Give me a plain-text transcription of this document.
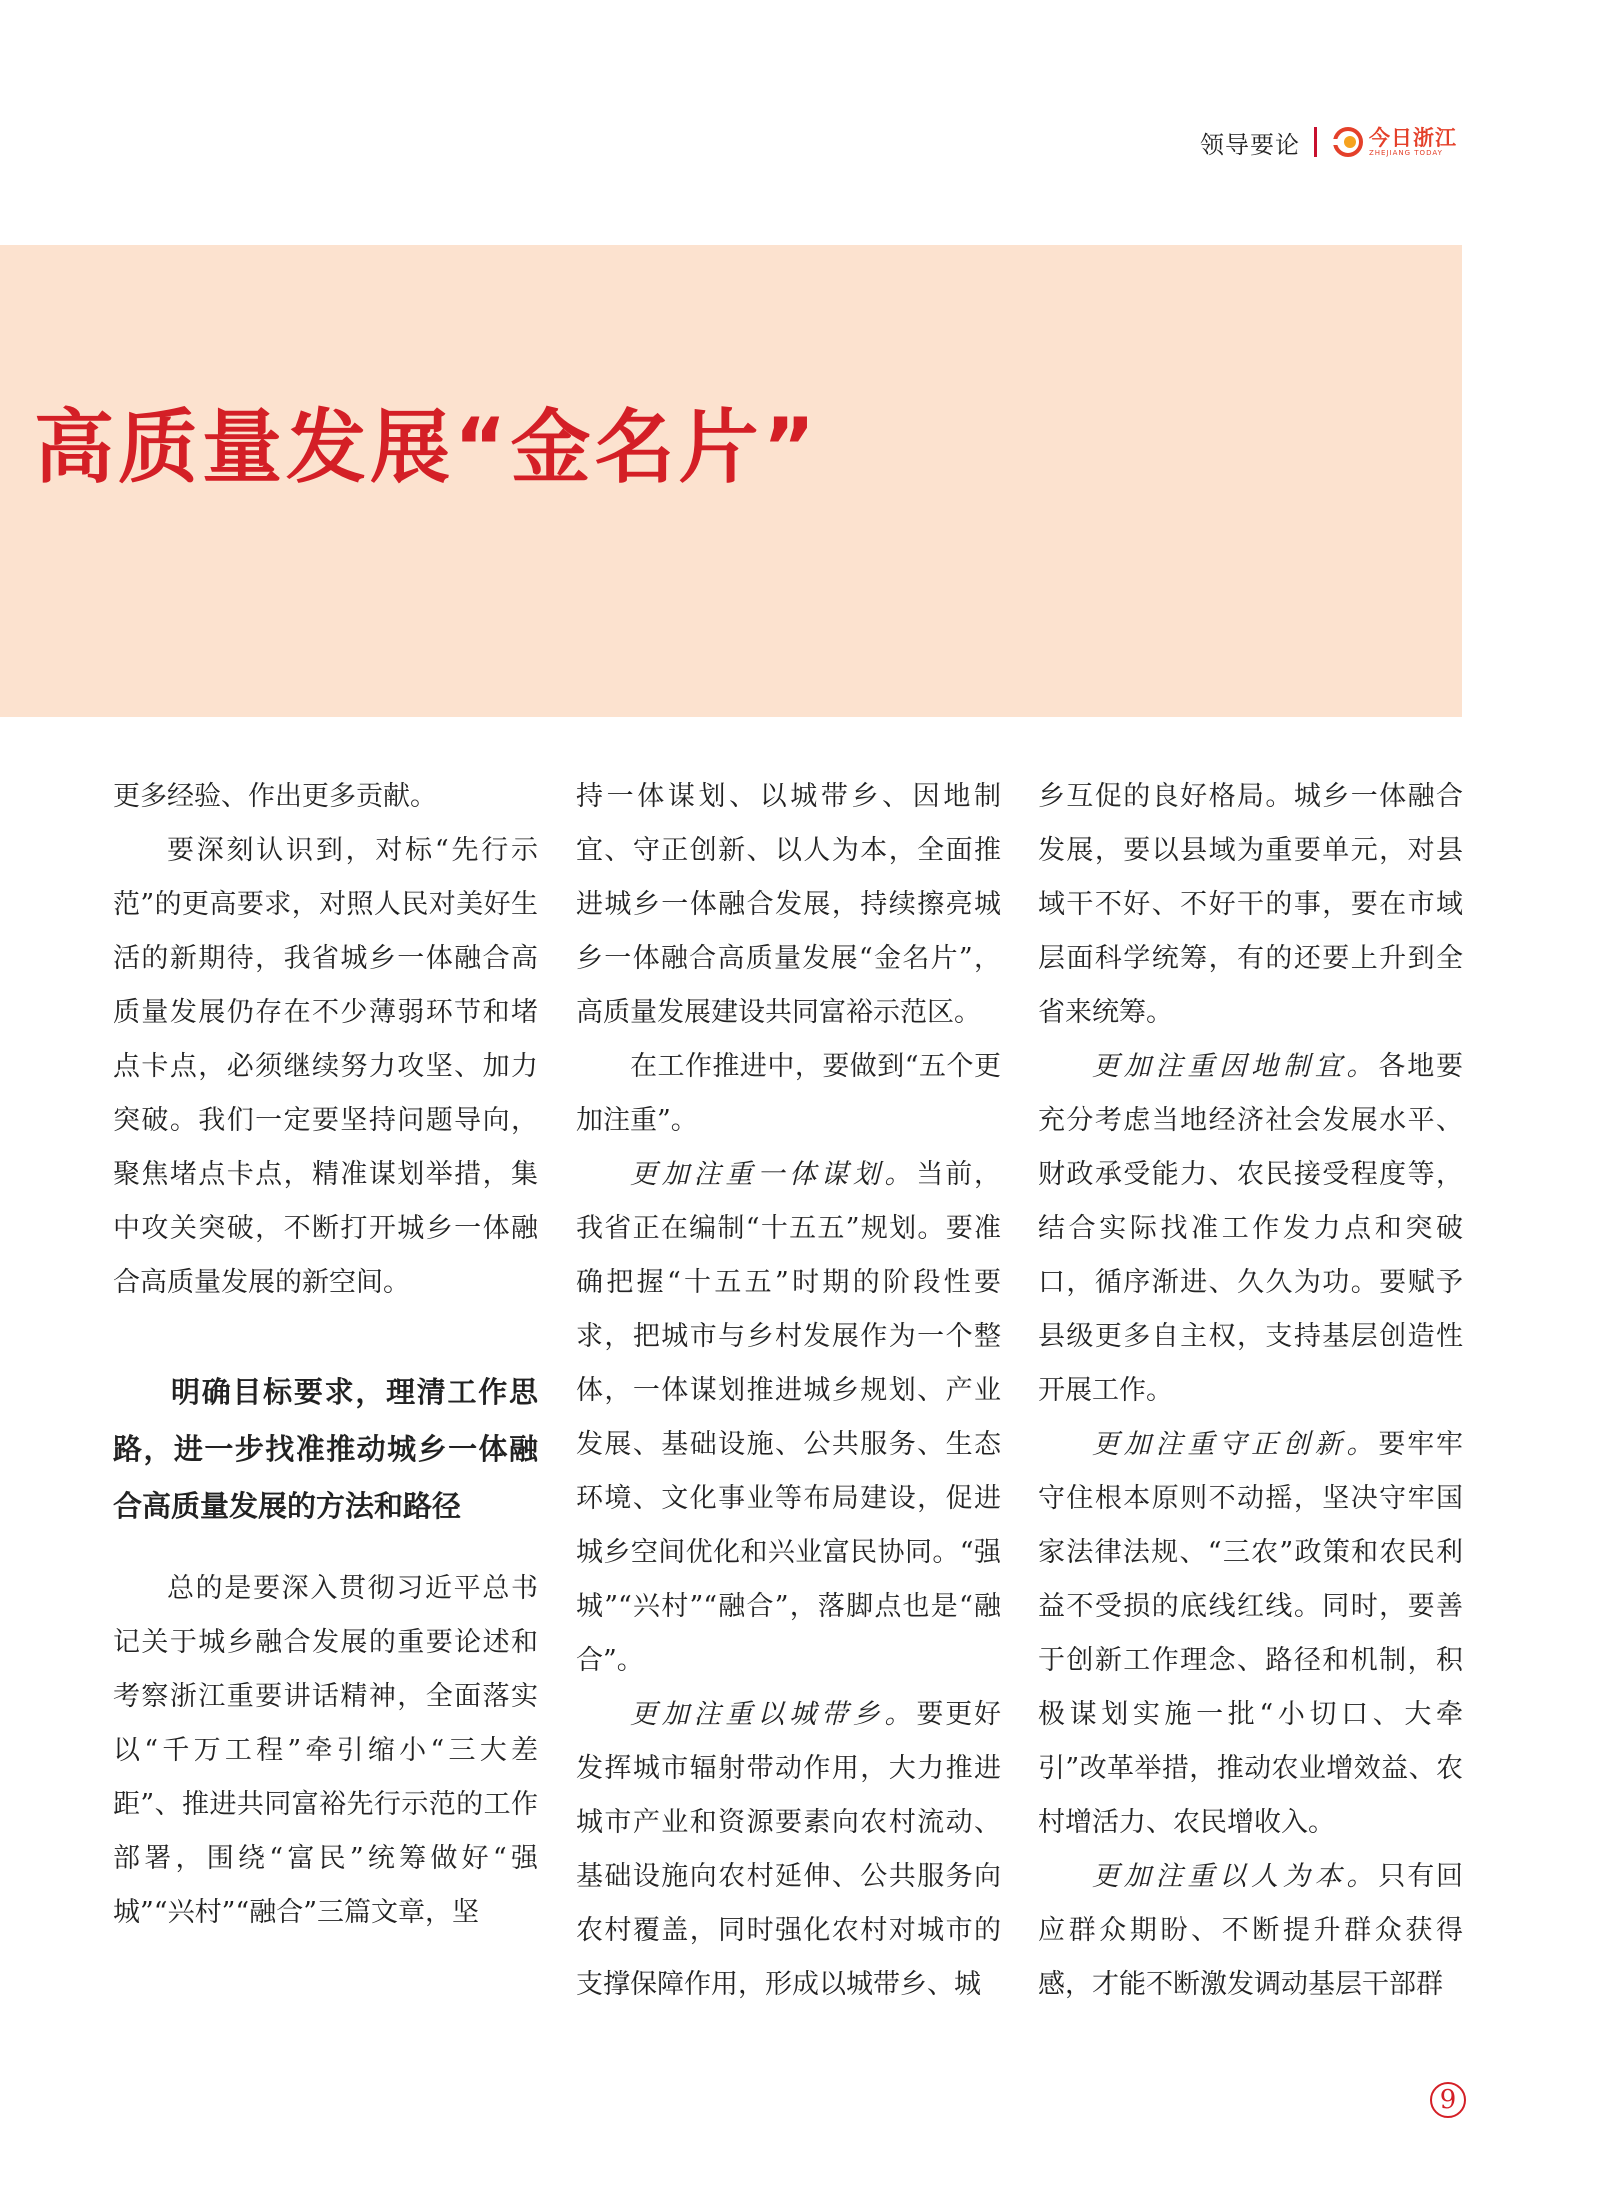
领导要论	今日浙江
ZHEJIANG TODAY
高质量发展“金名片”

更多经验、作出更多贡献。

要深刻认识到，对标“先行示范”的更高要求，对照人民对美好生活的新期待，我省城乡一体融合高质量发展仍存在不少薄弱环节和堵点卡点，必须继续努力攻坚、加力突破。我们一定要坚持问题导向，聚焦堵点卡点，精准谋划举措，集中攻关突破，不断打开城乡一体融合高质量发展的新空间。

明确目标要求，理清工作思路，进一步找准推动城乡一体融合高质量发展的方法和路径

总的是要深入贯彻习近平总书记关于城乡融合发展的重要论述和考察浙江重要讲话精神，全面落实以“千万工程”牵引缩小“三大差距”、推进共同富裕先行示范的工作部署，围绕“富民”统筹做好“强城”“兴村”“融合”三篇文章，坚

持一体谋划、以城带乡、因地制宜、守正创新、以人为本，全面推进城乡一体融合发展，持续擦亮城乡一体融合高质量发展“金名片”，高质量发展建设共同富裕示范区。

在工作推进中，要做到“五个更加注重”。

更加注重一体谋划。当前，我省正在编制“十五五”规划。要准确把握“十五五”时期的阶段性要求，把城市与乡村发展作为一个整体，一体谋划推进城乡规划、产业发展、基础设施、公共服务、生态环境、文化事业等布局建设，促进城乡空间优化和兴业富民协同。“强城”“兴村”“融合”，落脚点也是“融合”。

更加注重以城带乡。要更好发挥城市辐射带动作用，大力推进城市产业和资源要素向农村流动、基础设施向农村延伸、公共服务向农村覆盖，同时强化农村对城市的支撑保障作用，形成以城带乡、城

乡互促的良好格局。城乡一体融合发展，要以县域为重要单元，对县域干不好、不好干的事，要在市域层面科学统筹，有的还要上升到全省来统筹。

更加注重因地制宜。各地要充分考虑当地经济社会发展水平、财政承受能力、农民接受程度等，结合实际找准工作发力点和突破口，循序渐进、久久为功。要赋予县级更多自主权，支持基层创造性开展工作。

更加注重守正创新。要牢牢守住根本原则不动摇，坚决守牢国家法律法规、“三农”政策和农民利益不受损的底线红线。同时，要善于创新工作理念、路径和机制，积极谋划实施一批“小切口、大牵引”改革举措，推动农业增效益、农村增活力、农民增收入。

更加注重以人为本。只有回应群众期盼、不断提升群众获得感，才能不断激发调动基层干部群

9
